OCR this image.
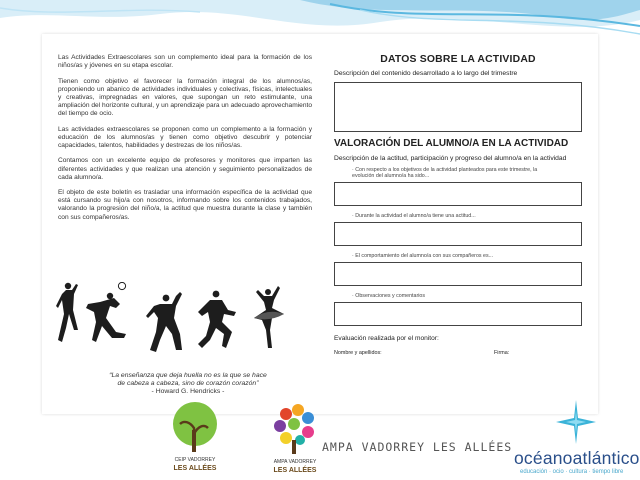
Las Actividades Extraescolares son un complemento ideal para la formación de los niños/as y jóvenes en su etapa escolar.

Tienen como objetivo el favorecer la formación integral de los alumnos/as, proponiendo un abanico de actividades individuales y colectivas, físicas, intelectuales y creativas, impregnadas en valores, que supongan un reto estimulante, una ampliación del horizonte cultural, y un aprendizaje para un adecuado aprovechamiento del tiempo de ocio.

Las actividades extraescolares se proponen como un complemento a la formación y educación de los alumnos/as y tienen como objetivo descubrir y potenciar capacidades, talentos, habilidades y destrezas de los niños/as.

Contamos con un excelente equipo de profesores y monitores que imparten las diferentes actividades y que realizan una atención y seguimiento personalizados de cada alumno/a.

El objeto de este boletín es trasladar una información específica de la actividad que está cursando su hijo/a con nosotros, informando sobre los contenidos trabajados, valorando la progresión del niño/a, la actitud que muestra durante la clase y también con sus compañeros/as.

“La enseñanza que deja huella no es la que se hace
de cabeza a cabeza, sino de corazón corazón”
- Howard G. Hendricks -
DATOS SOBRE LA ACTIVIDAD
Descripción del contenido desarrollado a lo largo del trimestre
VALORACIÓN DEL ALUMNO/A EN LA ACTIVIDAD
Descripción de la actitud, participación y progreso del alumno/a en la actividad
· Con respecto a los objetivos de la actividad planteados para este trimestre, la
evolución del alumno/a ha sido...
· Durante la actividad el alumno/a tiene una actitud...
· El comportamiento del alumno/a con sus compañeros es...
· Observaciones y comentarios
Evaluación realizada por el monitor:
Nombre y apellidos:	Firma:
CEIP VADORREY
LES ALLÉES
AMPA VADORREY
LES ALLÉES
AMPA VADORREY LES ALLÉES
océanoatlántico
educación · ocio · cultura · tiempo libre
